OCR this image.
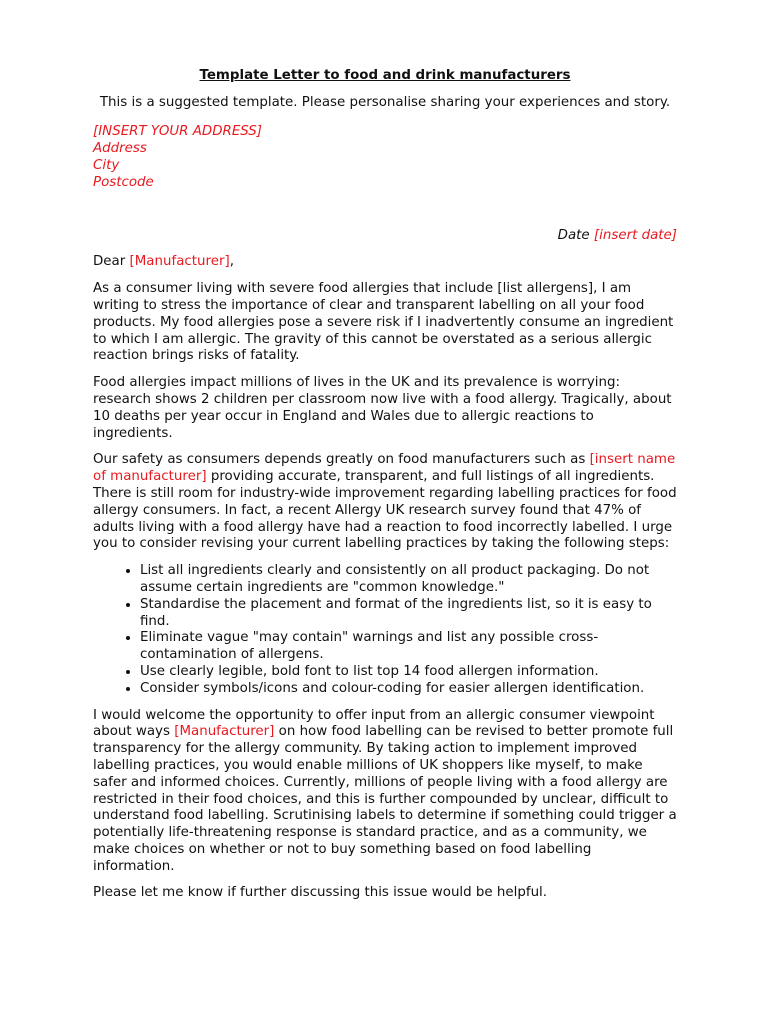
Template Letter to food and drink manufacturers
This is a suggested template. Please personalise sharing your experiences and story.
[INSERT YOUR ADDRESS]
Address
City
Postcode
Date [insert date]

Dear [Manufacturer],

As a consumer living with severe food allergies that include [list allergens], I am writing to stress the importance of clear and transparent labelling on all your food products. My food allergies pose a severe risk if I inadvertently consume an ingredient to which I am allergic. The gravity of this cannot be overstated as a serious allergic reaction brings risks of fatality.

Food allergies impact millions of lives in the UK and its prevalence is worrying: research shows 2 children per classroom now live with a food allergy. Tragically, about 10 deaths per year occur in England and Wales due to allergic reactions to ingredients.

Our safety as consumers depends greatly on food manufacturers such as [insert name of manufacturer] providing accurate, transparent, and full listings of all ingredients. There is still room for industry-wide improvement regarding labelling practices for food allergy consumers. In fact, a recent Allergy UK research survey found that 47% of adults living with a food allergy have had a reaction to food incorrectly labelled. I urge you to consider revising your current labelling practices by taking the following steps:

• List all ingredients clearly and consistently on all product packaging. Do not assume certain ingredients are "common knowledge."
• Standardise the placement and format of the ingredients list, so it is easy to find.
• Eliminate vague "may contain" warnings and list any possible cross-contamination of allergens.
• Use clearly legible, bold font to list top 14 food allergen information.
• Consider symbols/icons and colour-coding for easier allergen identification.

I would welcome the opportunity to offer input from an allergic consumer viewpoint about ways [Manufacturer] on how food labelling can be revised to better promote full transparency for the allergy community. By taking action to implement improved labelling practices, you would enable millions of UK shoppers like myself, to make safer and informed choices. Currently, millions of people living with a food allergy are restricted in their food choices, and this is further compounded by unclear, difficult to understand food labelling. Scrutinising labels to determine if something could trigger a potentially life-threatening response is standard practice, and as a community, we make choices on whether or not to buy something based on food labelling information.

Please let me know if further discussing this issue would be helpful.
